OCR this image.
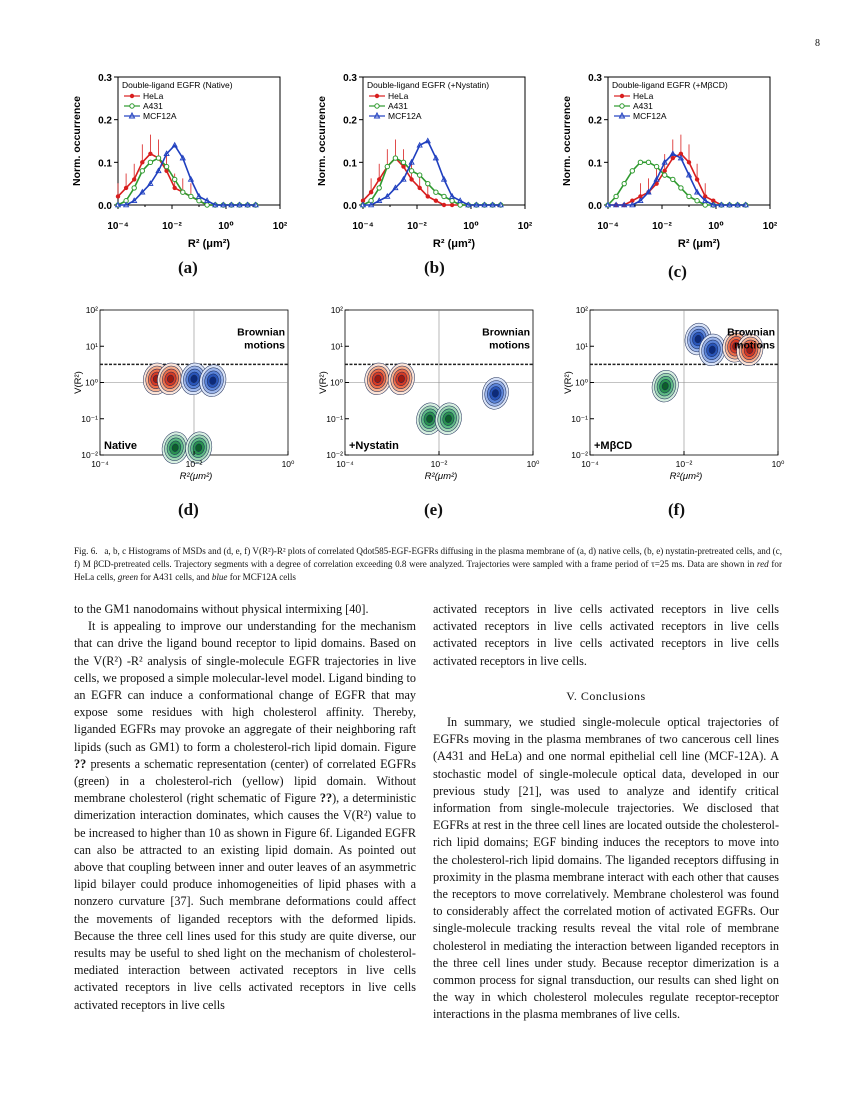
8
0.0
0.1
0.2
0.3
10⁻⁴	10⁻²	10⁰	10²
Norm. occurrence
R² (μm²)
Double-ligand EGFR (Native)
HeLa
A431
MCF12A
0.0
0.1
0.2
0.3
10⁻⁴	10⁻²	10⁰	10²
Norm. occurrence
R² (μm²)
Double-ligand EGFR (+Nystatin)
HeLa
A431
MCF12A
0.0
0.1
0.2
0.3
10⁻⁴	10⁻²	10⁰	10²
Norm. occurrence
R² (μm²)
Double-ligand EGFR (+MβCD)
HeLa
A431
MCF12A
(a)	(b)	(c)
10²
10¹
10⁰
10⁻¹
10⁻²
10⁻⁴	10⁻²	10⁰
V(R²)
R²(μm²)
Brownian
motions
Native
10²
10¹
10⁰
10⁻¹
10⁻²
10⁻⁴	10⁻²	10⁰
V(R²)
R²(μm²)
Brownian
motions
+Nystatin
10²
10¹
10⁰
10⁻¹
10⁻²
10⁻⁴	10⁻²	10⁰
V(R²)
R²(μm²)
Brownian
motions
+MβCD
(d)	(e)	(f)
Fig. 6. a, b, c Histograms of MSDs and (d, e, f) V(R²)-R² plots of correlated Qdot585-EGF-EGFRs diffusing in the plasma membrane of (a, d) native cells, (b, e) nystatin-pretreated cells, and (c, f) M βCD-pretreated cells. Trajectory segments with a degree of correlation exceeding 0.8 were analyzed. Trajectories were sampled with a frame period of τ=25 ms. Data are shown in red for HeLa cells, green for A431 cells, and blue for MCF12A cells

to the GM1 nanodomains without physical intermixing [40].

It is appealing to improve our understanding for the mechanism that can drive the ligand bound receptor to lipid domains. Based on the V(R²) -R² analysis of single-molecule EGFR trajectories in live cells, we proposed a simple molecular-level model. Ligand binding to an EGFR can induce a conformational change of EGFR that may expose some residues with high cholesterol affinity. Thereby, liganded EGFRs may provoke an aggregate of their neighboring raft lipids (such as GM1) to form a cholesterol-rich lipid domain. Figure ?? presents a schematic representation (center) of correlated EGFRs (green) in a cholesterol-rich (yellow) lipid domain. Without membrane cholesterol (right schematic of Figure ??), a deterministic dimerization interaction dominates, which causes the V(R²) value to be increased to higher than 10 as shown in Figure 6f. Liganded EGFR can also be attracted to an existing lipid domain. As pointed out above that coupling between inner and outer leaves of an asymmetric lipid bilayer could produce inhomogeneities of lipid phases with a nonzero curvature [37]. Such membrane deformations could affect the movements of liganded receptors with the deformed lipids. Because the three cell lines used for this study are quite diverse, our results may be useful to shed light on the mechanism of cholesterol-mediated interaction between activated receptors in live cells activated receptors in live cells activated receptors in live cells activated receptors in live cells

activated receptors in live cells activated receptors in live cells activated receptors in live cells activated receptors in live cells activated receptors in live cells activated receptors in live cells activated receptors in live cells.

V. Conclusions

In summary, we studied single-molecule optical trajectories of EGFRs moving in the plasma membranes of two cancerous cell lines (A431 and HeLa) and one normal epithelial cell line (MCF-12A). A stochastic model of single-molecule optical data, developed in our previous study [21], was used to analyze and identify critical information from single-molecule trajectories. We disclosed that EGFRs at rest in the three cell lines are located outside the cholesterol-rich lipid domains; EGF binding induces the receptors to move into the cholesterol-rich lipid domains. The liganded receptors diffusing in proximity in the plasma membrane interact with each other that causes the receptors to move correlatively. Membrane cholesterol was found to considerably affect the correlated motion of activated EGFRs. Our single-molecule tracking results reveal the vital role of membrane cholesterol in mediating the interaction between liganded receptors in the three cell lines under study. Because receptor dimerization is a common process for signal transduction, our results can shed light on the way in which cholesterol molecules regulate receptor-receptor interactions in the plasma membranes of live cells.
